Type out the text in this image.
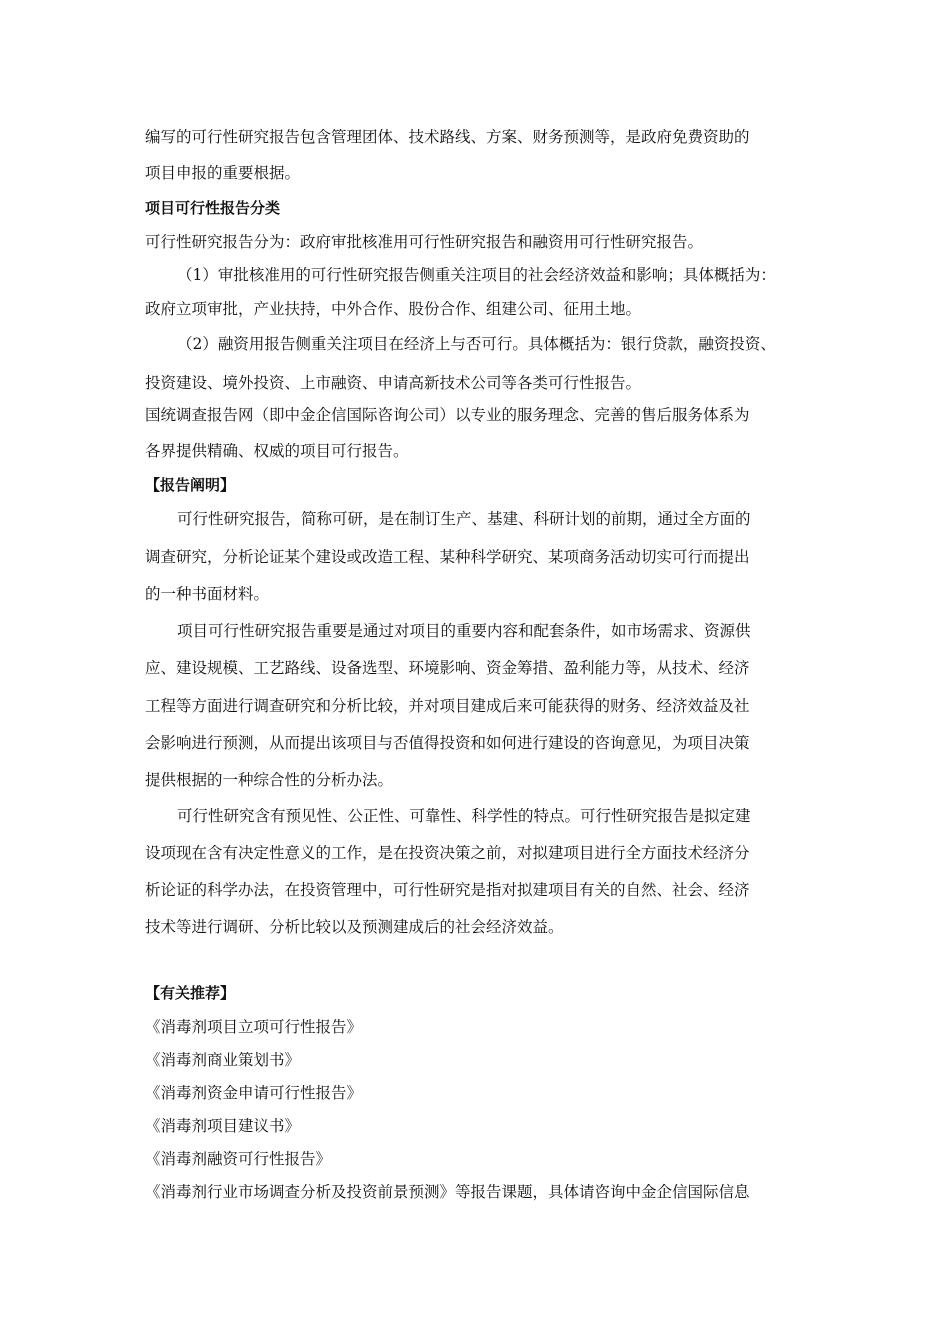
编写的可行性研究报告包含管理团体、技术路线、方案、财务预测等，是政府免费资助的
项目申报的重要根据。
项目可行性报告分类
可行性研究报告分为：政府审批核准用可行性研究报告和融资用可行性研究报告。
（1）审批核准用的可行性研究报告侧重关注项目的社会经济效益和影响；具体概括为：
政府立项审批，产业扶持，中外合作、股份合作、组建公司、征用土地。
（2）融资用报告侧重关注项目在经济上与否可行。具体概括为：银行贷款，融资投资、
投资建设、境外投资、上市融资、申请高新技术公司等各类可行性报告。
国统调查报告网（即中金企信国际咨询公司）以专业的服务理念、完善的售后服务体系为
各界提供精确、权威的项目可行报告。
【报告阐明】
可行性研究报告，简称可研，是在制订生产、基建、科研计划的前期，通过全方面的
调查研究，分析论证某个建设或改造工程、某种科学研究、某项商务活动切实可行而提出
的一种书面材料。
项目可行性研究报告重要是通过对项目的重要内容和配套条件，如市场需求、资源供
应、建设规模、工艺路线、设备选型、环境影响、资金筹措、盈利能力等，从技术、经济
工程等方面进行调查研究和分析比较，并对项目建成后来可能获得的财务、经济效益及社
会影响进行预测，从而提出该项目与否值得投资和如何进行建设的咨询意见，为项目决策
提供根据的一种综合性的分析办法。
可行性研究含有预见性、公正性、可靠性、科学性的特点。可行性研究报告是拟定建
设项现在含有决定性意义的工作，是在投资决策之前，对拟建项目进行全方面技术经济分
析论证的科学办法，在投资管理中，可行性研究是指对拟建项目有关的自然、社会、经济
技术等进行调研、分析比较以及预测建成后的社会经济效益。
【有关推荐】
《消毒剂项目立项可行性报告》
《消毒剂商业策划书》
《消毒剂资金申请可行性报告》
《消毒剂项目建议书》
《消毒剂融资可行性报告》
《消毒剂行业市场调查分析及投资前景预测》等报告课题，具体请咨询中金企信国际信息
